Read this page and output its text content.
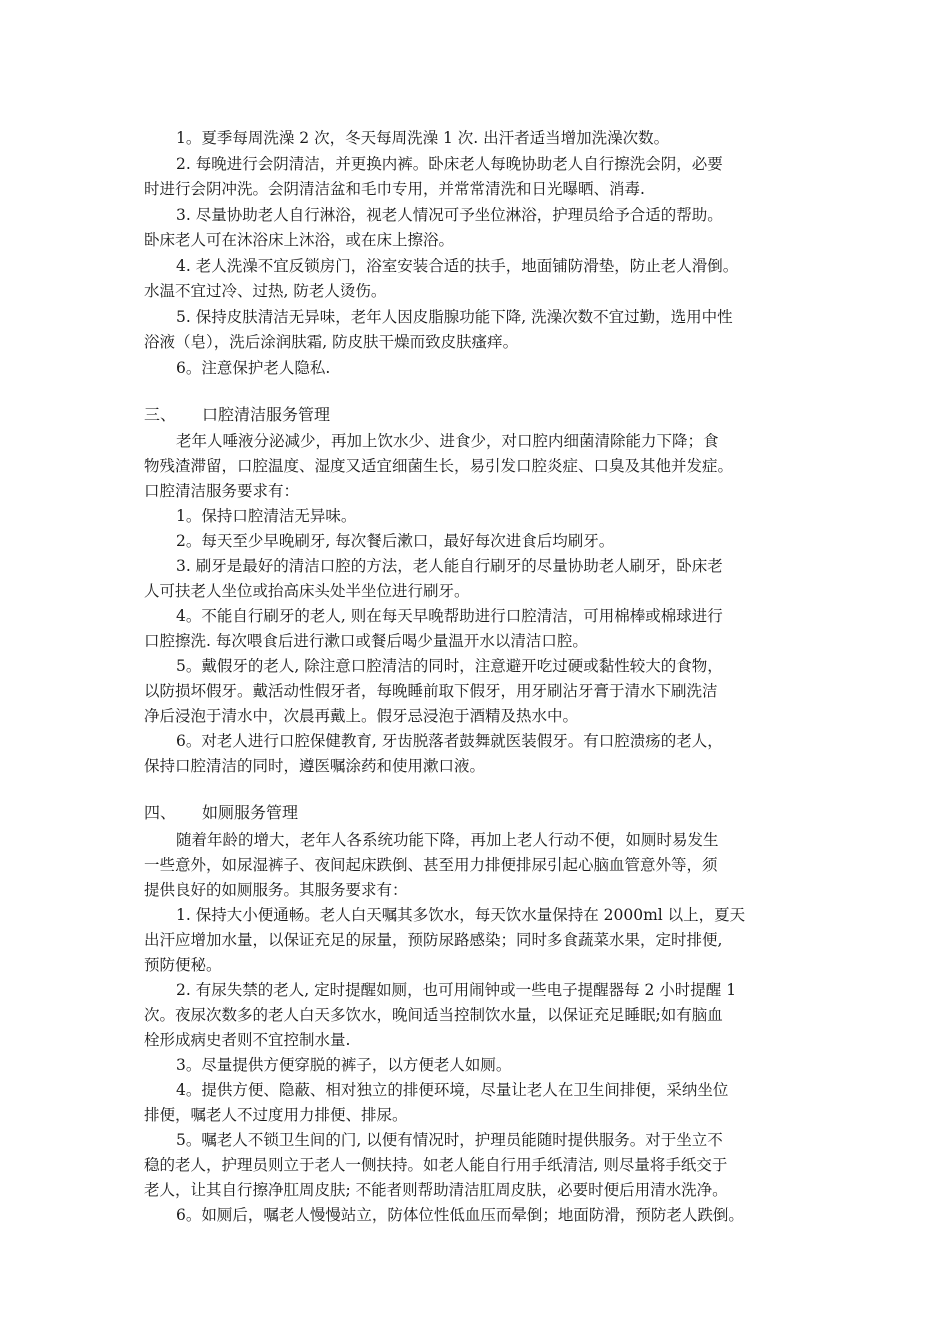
1。夏季每周洗澡 2 次，冬天每周洗澡 1 次. 出汗者适当增加洗澡次数。
2. 每晚进行会阴清洁，并更换内裤。卧床老人每晚协助老人自行擦洗会阴，必要
时进行会阴冲洗。会阴清洁盆和毛巾专用，并常常清洗和日光曝晒、消毒.
3. 尽量协助老人自行淋浴，视老人情况可予坐位淋浴，护理员给予合适的帮助。
卧床老人可在沐浴床上沐浴，或在床上擦浴。
4. 老人洗澡不宜反锁房门，浴室安装合适的扶手，地面铺防滑垫，防止老人滑倒。
水温不宜过冷、过热, 防老人烫伤。
5. 保持皮肤清洁无异味，老年人因皮脂腺功能下降, 洗澡次数不宜过勤，选用中性
浴液（皂），洗后涂润肤霜, 防皮肤干燥而致皮肤瘙痒。
6。注意保护老人隐私.
三、 口腔清洁服务管理
老年人唾液分泌减少，再加上饮水少、进食少，对口腔内细菌清除能力下降；食
物残渣滞留，口腔温度、湿度又适宜细菌生长，易引发口腔炎症、口臭及其他并发症。
口腔清洁服务要求有：
1。保持口腔清洁无异味。
2。每天至少早晚刷牙, 每次餐后漱口，最好每次进食后均刷牙。
3. 刷牙是最好的清洁口腔的方法，老人能自行刷牙的尽量协助老人刷牙，卧床老
人可扶老人坐位或抬高床头处半坐位进行刷牙。
4。不能自行刷牙的老人, 则在每天早晚帮助进行口腔清洁，可用棉棒或棉球进行
口腔擦洗. 每次喂食后进行漱口或餐后喝少量温开水以清洁口腔。
5。戴假牙的老人, 除注意口腔清洁的同时，注意避开吃过硬或黏性较大的食物，
以防损坏假牙。戴活动性假牙者，每晚睡前取下假牙，用牙刷沾牙膏于清水下刷洗洁
净后浸泡于清水中，次晨再戴上。假牙忌浸泡于酒精及热水中。
6。对老人进行口腔保健教育, 牙齿脱落者鼓舞就医装假牙。有口腔溃疡的老人，
保持口腔清洁的同时，遵医嘱涂药和使用漱口液。
四、 如厕服务管理
随着年龄的增大，老年人各系统功能下降，再加上老人行动不便，如厕时易发生
一些意外，如尿湿裤子、夜间起床跌倒、甚至用力排便排尿引起心脑血管意外等，须
提供良好的如厕服务。其服务要求有：
1. 保持大小便通畅。老人白天嘱其多饮水，每天饮水量保持在 2000ml 以上，夏天
出汗应增加水量，以保证充足的尿量，预防尿路感染；同时多食蔬菜水果，定时排便,
预防便秘。
2. 有尿失禁的老人, 定时提醒如厕，也可用闹钟或一些电子提醒器每 2 小时提醒 1
次。夜尿次数多的老人白天多饮水，晚间适当控制饮水量，以保证充足睡眠;如有脑血
栓形成病史者则不宜控制水量.
3。尽量提供方便穿脱的裤子，以方便老人如厕。
4。提供方便、隐蔽、相对独立的排便环境，尽量让老人在卫生间排便，采纳坐位
排便，嘱老人不过度用力排便、排尿。
5。嘱老人不锁卫生间的门, 以便有情况时，护理员能随时提供服务。对于坐立不
稳的老人，护理员则立于老人一侧扶持。如老人能自行用手纸清洁, 则尽量将手纸交于
老人，让其自行擦净肛周皮肤; 不能者则帮助清洁肛周皮肤，必要时便后用清水洗净。
6。如厕后，嘱老人慢慢站立，防体位性低血压而晕倒；地面防滑，预防老人跌倒。
